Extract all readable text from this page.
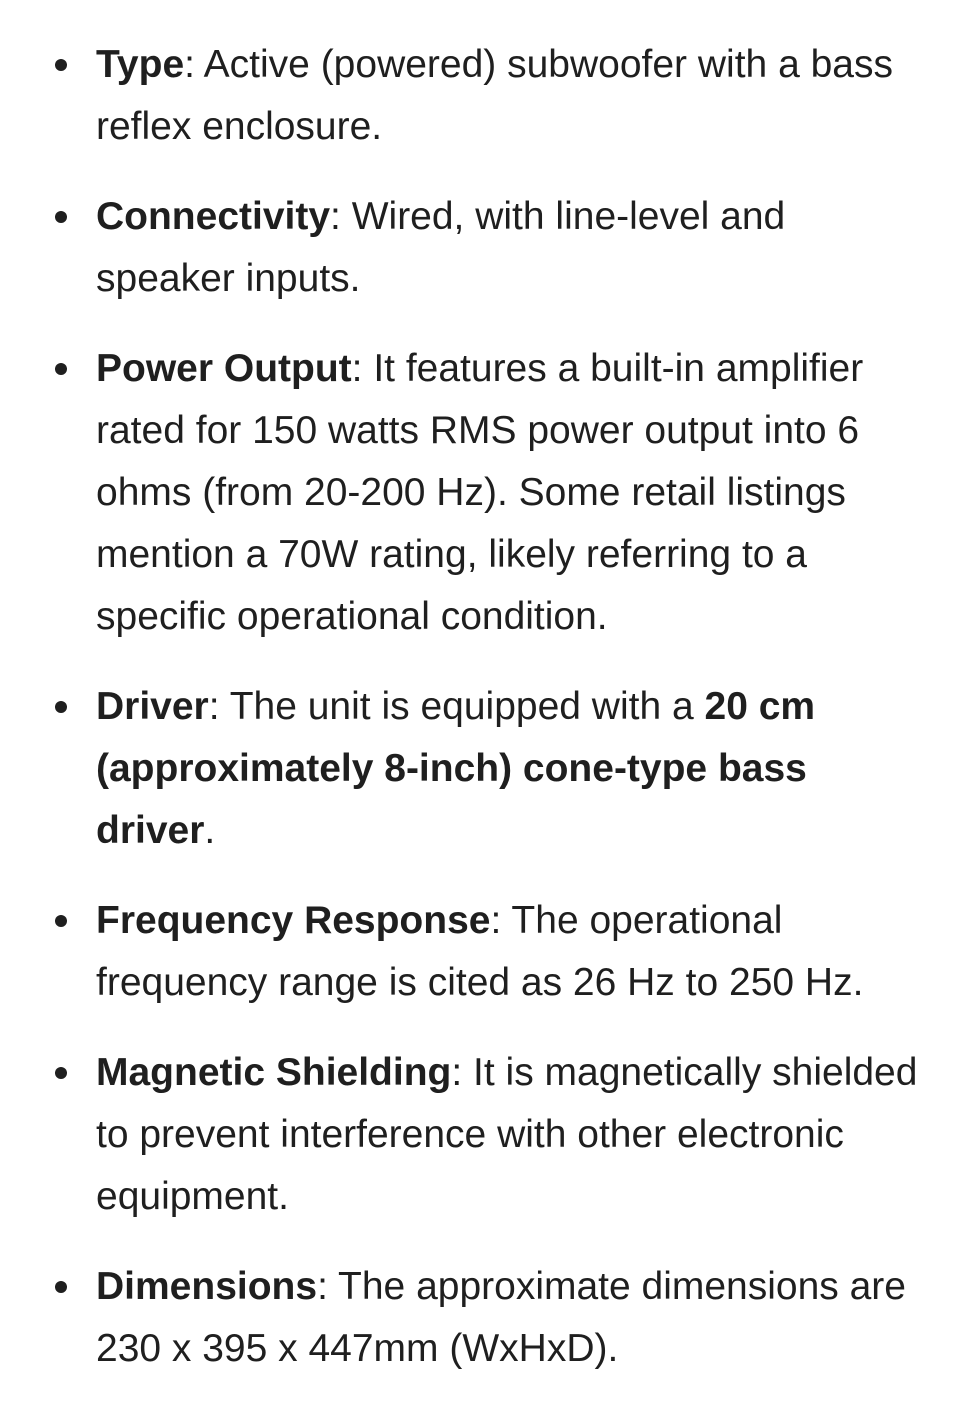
Type: Active (powered) subwoofer with a bass reflex enclosure.
Connectivity: Wired, with line-level and speaker inputs.
Power Output: It features a built-in amplifier rated for 150 watts RMS power output into 6 ohms (from 20-200 Hz). Some retail listings mention a 70W rating, likely referring to a specific operational condition.
Driver: The unit is equipped with a 20 cm (approximately 8-inch) cone-type bass driver.
Frequency Response: The operational frequency range is cited as 26 Hz to 250 Hz.
Magnetic Shielding: It is magnetically shielded to prevent interference with other electronic equipment.
Dimensions: The approximate dimensions are 230 x 395 x 447mm (WxHxD).
